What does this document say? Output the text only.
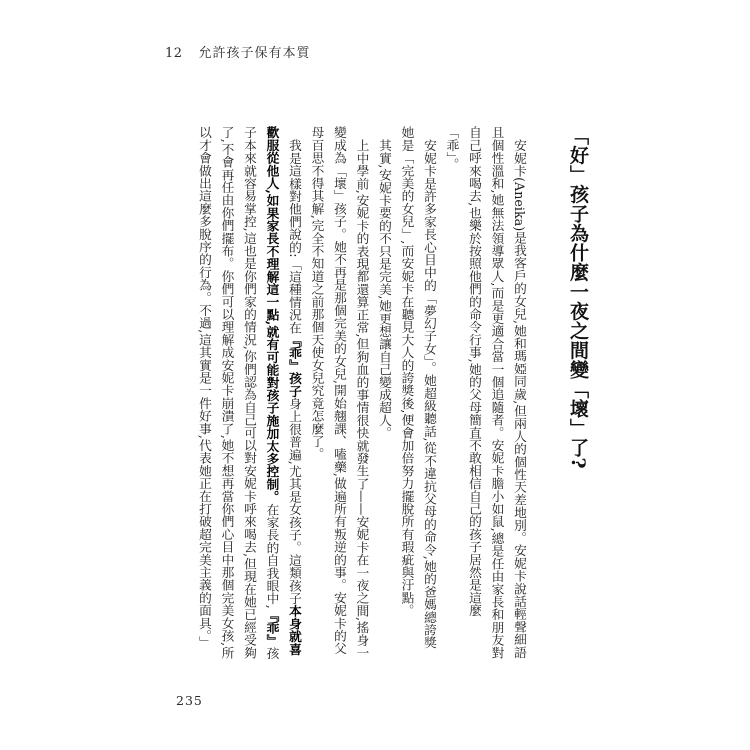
12 允許孩子保有本質
「好」孩子為什麼一夜之間變「壞」了?

安妮卡(Aneika)是我客戶的女兒,她和瑪婭同歲,但兩人的個性天差地別。安妮卡說話輕聲細語且個性溫和,她無法領導眾人,而是更適合當一個追隨者。安妮卡膽小如鼠,總是任由家長和朋友對自己呼來喝去,也樂於按照他們的命令行事,她的父母簡直不敢相信自己的孩子居然是這麼「乖」。

安妮卡是許多家長心目中的「夢幻子女」。她超級聽話,從不違抗父母的命令,她的爸媽總誇獎她是「完美的女兒」,而安妮卡在聽見大人的誇獎後,便會加倍努力擺脫所有瑕疵與汙點。

其實,安妮卡要的不只是完美,她更想讓自己變成超人。

上中學前,安妮卡的表現都還算正常,但狗血的事情很快就發生了——安妮卡在一夜之間,搖身一變成為「壞」孩子。她不再是那個完美的女兒,開始翹課、嗑藥,做遍所有叛逆的事。安妮卡的父母百思不得其解,完全不知道之前那個天使女兒究竟怎麼了。

我是這樣對他們說的:「這種情況在『乖』孩子身上很普遍,尤其是女孩子。這類孩子本身就喜歡服從他人,如果家長不理解這一點,就有可能對孩子施加太多控制。在家長的自我眼中,『乖』孩子本來就容易掌控,這也是你們家的情況,你們認為自己可以對安妮卡呼來喝去,但現在她已經受夠了,不會再任由你們擺布。你們可以理解成安妮卡崩潰了,她不想再當你們心目中那個完美女孩,所以才會做出這麼多脫序的行為。不過,這其實是一件好事,代表她正在打破超完美主義的面具。」

235
